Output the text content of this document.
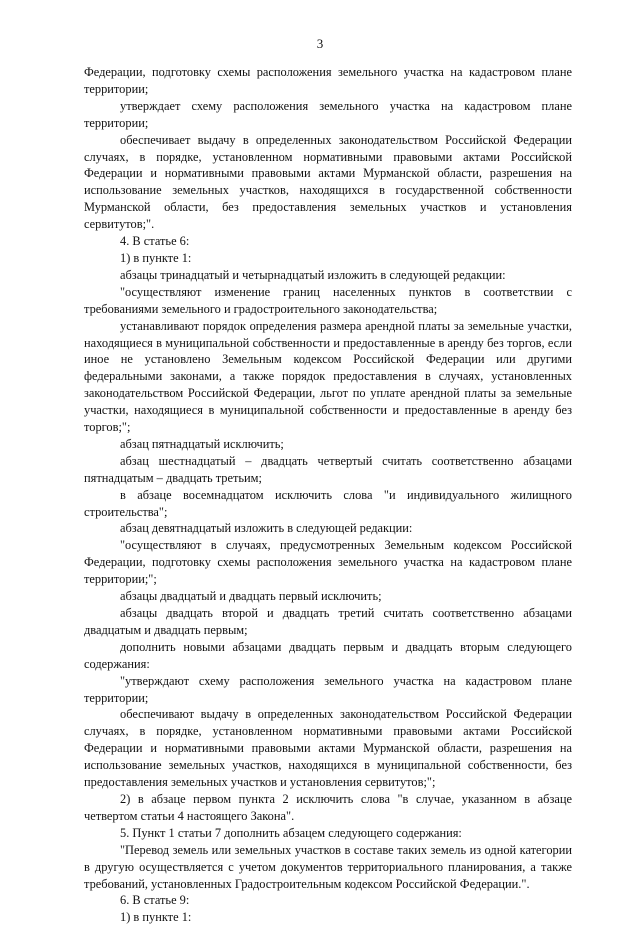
3

Федерации, подготовку схемы расположения земельного участка на кадастровом плане территории;

утверждает схему расположения земельного участка на кадастровом плане территории;

обеспечивает выдачу в определенных законодательством Российской Федерации случаях, в порядке, установленном нормативными правовыми актами Российской Федерации и нормативными правовыми актами Мурманской области, разрешения на использование земельных участков, находящихся в государственной собственности Мурманской области, без предоставления земельных участков и установления сервитутов;".

4. В статье 6:

1) в пункте 1:

абзацы тринадцатый и четырнадцатый изложить в следующей редакции:

"осуществляют изменение границ населенных пунктов в соответствии с требованиями земельного и градостроительного законодательства;

устанавливают порядок определения размера арендной платы за земельные участки, находящиеся в муниципальной собственности и предоставленные в аренду без торгов, если иное не установлено Земельным кодексом Российской Федерации или другими федеральными законами, а также порядок предоставления в случаях, установленных законодательством Российской Федерации, льгот по уплате арендной платы за земельные участки, находящиеся в муниципальной собственности и предоставленные в аренду без торгов;";

абзац пятнадцатый исключить;

абзац шестнадцатый – двадцать четвертый считать соответственно абзацами пятнадцатым – двадцать третьим;

в абзаце восемнадцатом исключить слова "и индивидуального жилищного строительства";

абзац девятнадцатый изложить в следующей редакции:

"осуществляют в случаях, предусмотренных Земельным кодексом Российской Федерации, подготовку схемы расположения земельного участка на кадастровом плане территории;";

абзацы двадцатый и двадцать первый исключить;

абзацы двадцать второй и двадцать третий считать соответственно абзацами двадцатым и двадцать первым;

дополнить новыми абзацами двадцать первым и двадцать вторым следующего содержания:

"утверждают схему расположения земельного участка на кадастровом плане территории;

обеспечивают выдачу в определенных законодательством Российской Федерации случаях, в порядке, установленном нормативными правовыми актами Российской Федерации и нормативными правовыми актами Мурманской области, разрешения на использование земельных участков, находящихся в муниципальной собственности, без предоставления земельных участков и установления сервитутов;";

2) в абзаце первом пункта 2 исключить слова "в случае, указанном в абзаце четвертом статьи 4 настоящего Закона".

5. Пункт 1 статьи 7 дополнить абзацем следующего содержания:

"Перевод земель или земельных участков в составе таких земель из одной категории в другую осуществляется с учетом документов территориального планирования, а также требований, установленных Градостроительным кодексом Российской Федерации.".

6. В статье 9:

1) в пункте 1:
